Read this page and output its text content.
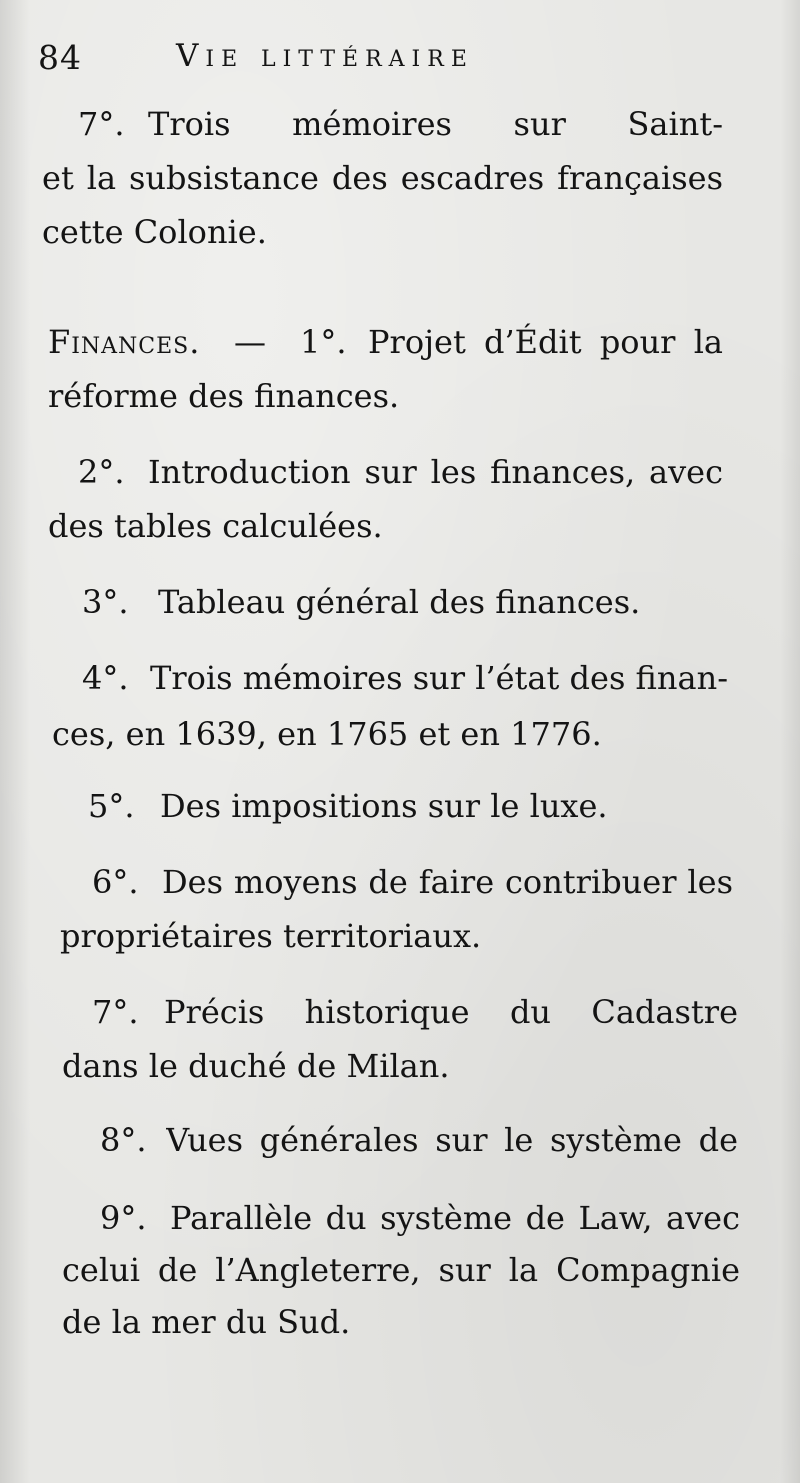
84	Vie littéraire
7°. Trois mémoires sur Saint-
et la subsistance des escadres françaises
cette Colonie.
Finances. — 1°. Projet d’Édit pour la
réforme des finances.
2°. Introduction sur les finances, avec
des tables calculées.
3°. Tableau général des finances.
4°. Trois mémoires sur l’état des finan-
ces, en 1639, en 1765 et en 1776.
5°. Des impositions sur le luxe.
6°. Des moyens de faire contribuer les
propriétaires territoriaux.
7°. Précis historique du Cadastre
dans le duché de Milan.
8°. Vues générales sur le système de
9°. Parallèle du système de Law, avec
celui de l’Angleterre, sur la Compagnie
de la mer du Sud.
